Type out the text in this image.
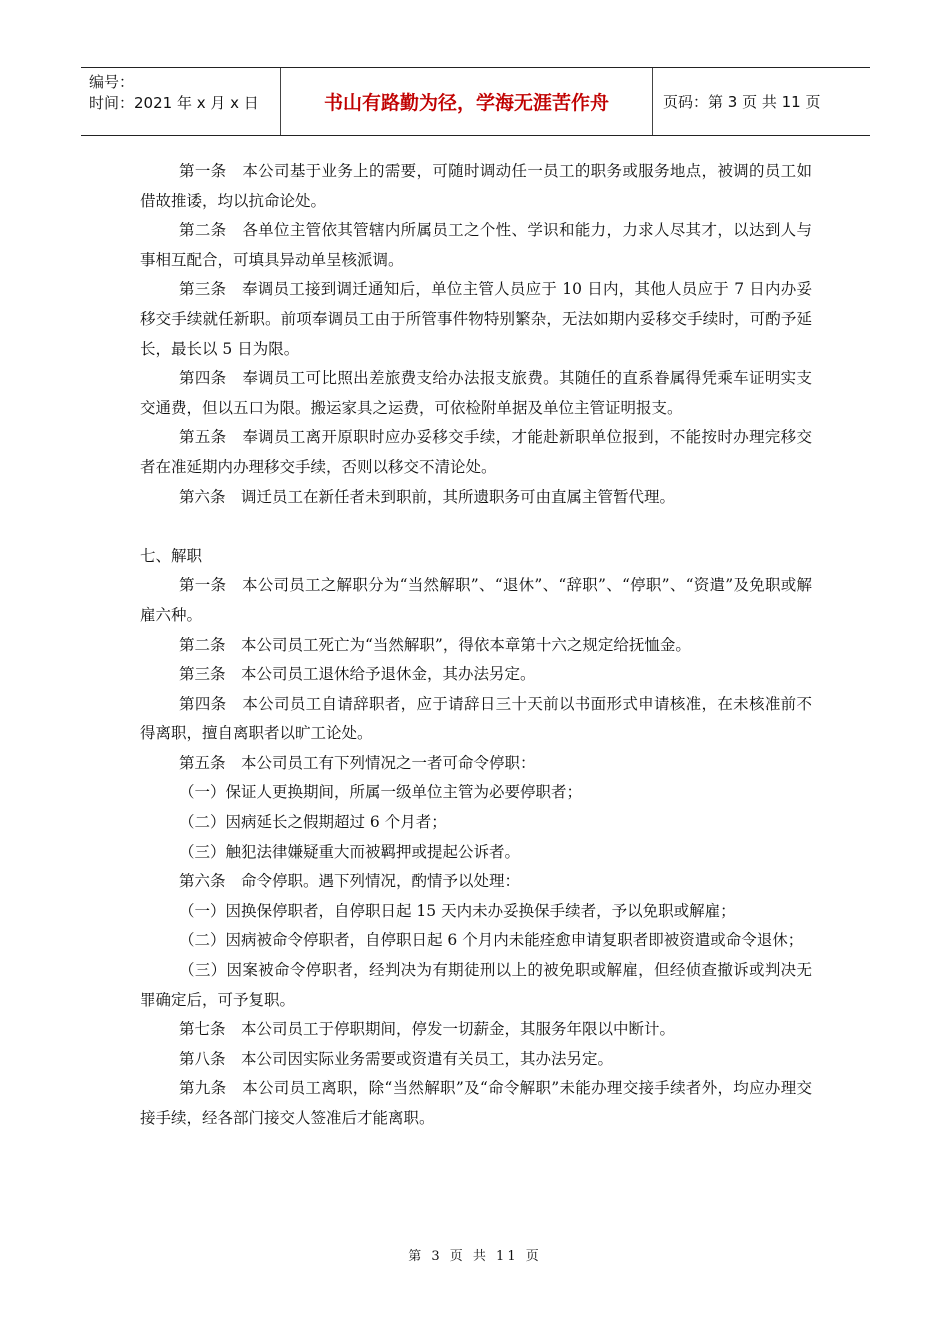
编号：
时间：2021 年 x 月 x 日	书山有路勤为径，学海无涯苦作舟	页码：第 3 页 共 11 页

第一条　本公司基于业务上的需要，可随时调动任一员工的职务或服务地点，被调的员工如借故推诿，均以抗命论处。

第二条　各单位主管依其管辖内所属员工之个性、学识和能力，力求人尽其才，以达到人与事相互配合，可填具异动单呈核派调。

第三条　奉调员工接到调迁通知后，单位主管人员应于 10 日内，其他人员应于 7 日内办妥移交手续就任新职。前项奉调员工由于所管事件物特别繁杂，无法如期内妥移交手续时，可酌予延长，最长以 5 日为限。

第四条　奉调员工可比照出差旅费支给办法报支旅费。其随任的直系眷属得凭乘车证明实支交通费，但以五口为限。搬运家具之运费，可依检附单据及单位主管证明报支。

第五条　奉调员工离开原职时应办妥移交手续，才能赴新职单位报到，不能按时办理完移交者在准延期内办理移交手续，否则以移交不清论处。

第六条　调迁员工在新任者未到职前，其所遗职务可由直属主管暂代理。

七、解职

第一条　本公司员工之解职分为“当然解职”、“退休”、“辞职”、“停职”、“资遣”及免职或解雇六种。

第二条　本公司员工死亡为“当然解职”，得依本章第十六之规定给抚恤金。

第三条　本公司员工退休给予退休金，其办法另定。

第四条　本公司员工自请辞职者，应于请辞日三十天前以书面形式申请核准，在未核准前不得离职，擅自离职者以旷工论处。

第五条　本公司员工有下列情况之一者可命令停职：

（一）保证人更换期间，所属一级单位主管为必要停职者；

（二）因病延长之假期超过 6 个月者；

（三）触犯法律嫌疑重大而被羁押或提起公诉者。

第六条　命令停职。遇下列情况，酌情予以处理：

（一）因换保停职者，自停职日起 15 天内未办妥换保手续者，予以免职或解雇；

（二）因病被命令停职者，自停职日起 6 个月内未能痊愈申请复职者即被资遣或命令退休；

（三）因案被命令停职者，经判决为有期徒刑以上的被免职或解雇，但经侦查撤诉或判决无罪确定后，可予复职。

第七条　本公司员工于停职期间，停发一切薪金，其服务年限以中断计。

第八条　本公司因实际业务需要或资遣有关员工，其办法另定。

第九条　本公司员工离职，除“当然解职”及“命令解职”未能办理交接手续者外，均应办理交接手续，经各部门接交人签准后才能离职。

第 3 页 共 11 页
